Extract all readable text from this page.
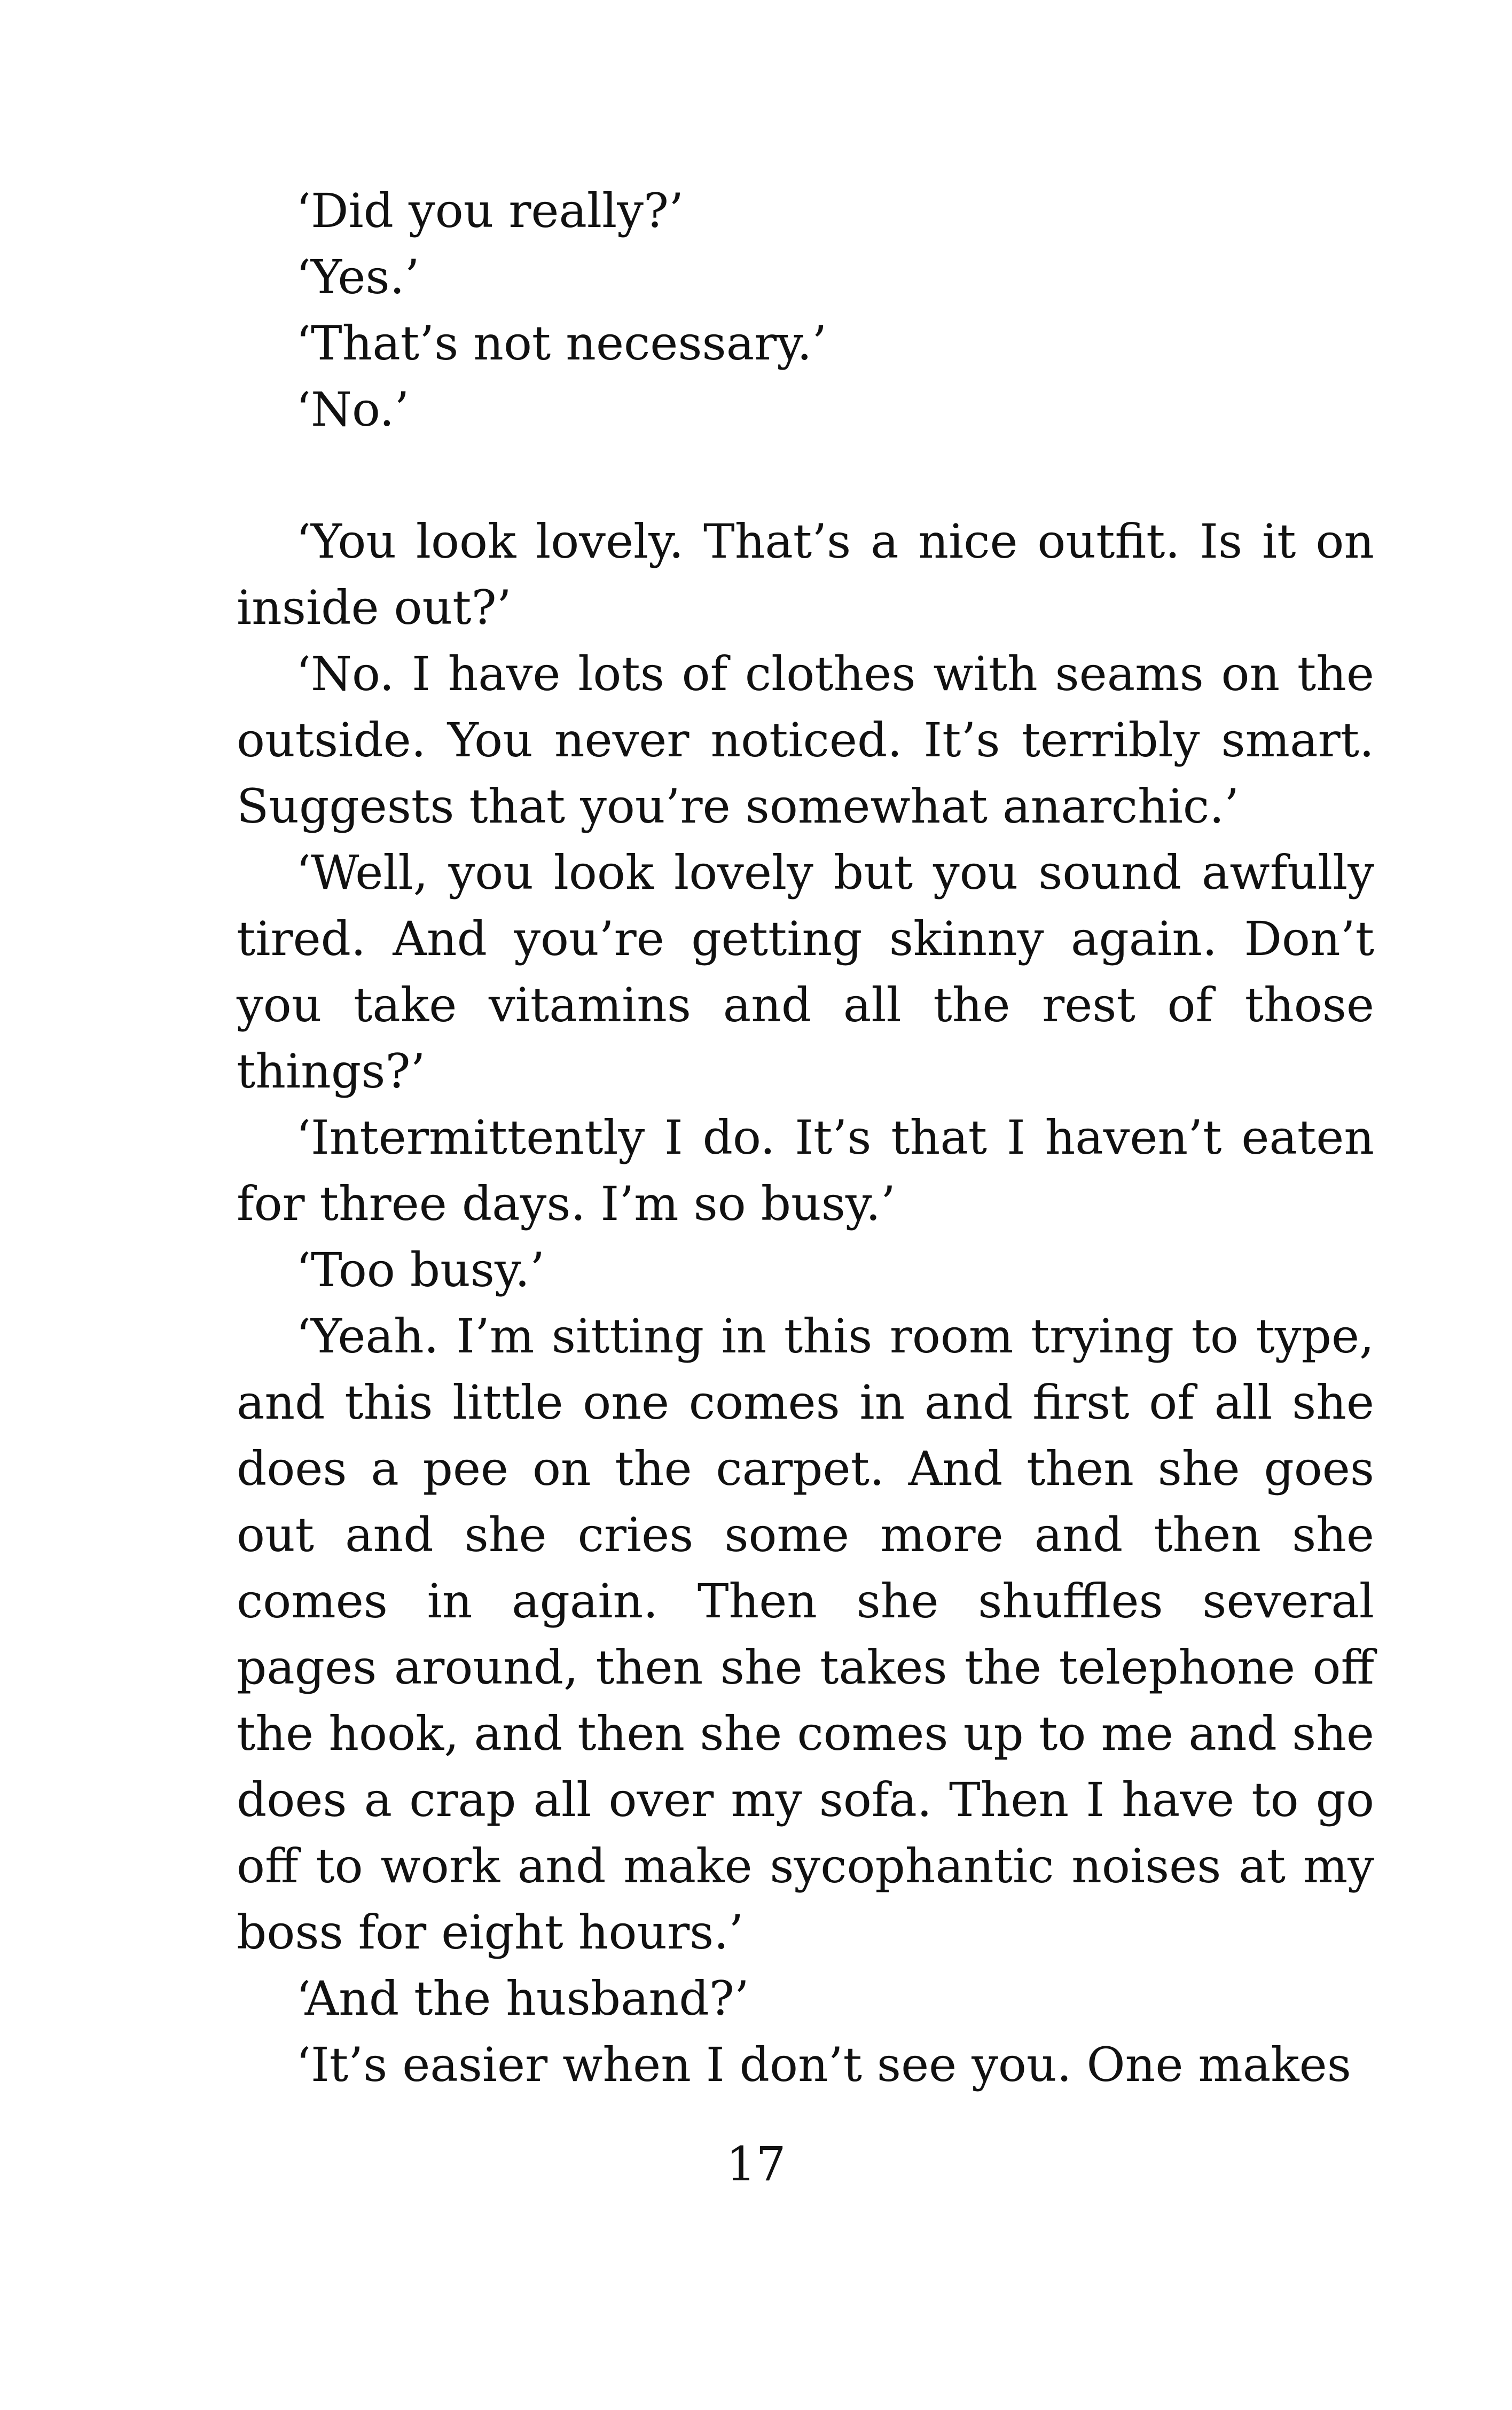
‘Did you really?’

‘Yes.’

‘That’s not necessary.’

‘No.’

‘You look lovely. That’s a nice outfit. Is it on inside out?’

‘No. I have lots of clothes with seams on the outside. You never noticed. It’s terribly smart. Suggests that you’re somewhat anarchic.’

‘Well, you look lovely but you sound awfully tired. And you’re getting skinny again. Don’t you take vitamins and all the rest of those things?’

‘Intermittently I do. It’s that I haven’t eaten for three days. I’m so busy.’

‘Too busy.’

‘Yeah. I’m sitting in this room trying to type, and this little one comes in and first of all she does a pee on the carpet. And then she goes out and she cries some more and then she comes in again. Then she shuffles several pages around, then she takes the telephone off the hook, and then she comes up to me and she does a crap all over my sofa. Then I have to go off to work and make sycophantic noises at my boss for eight hours.’

‘And the husband?’

‘It’s easier when I don’t see you. One makes

17
